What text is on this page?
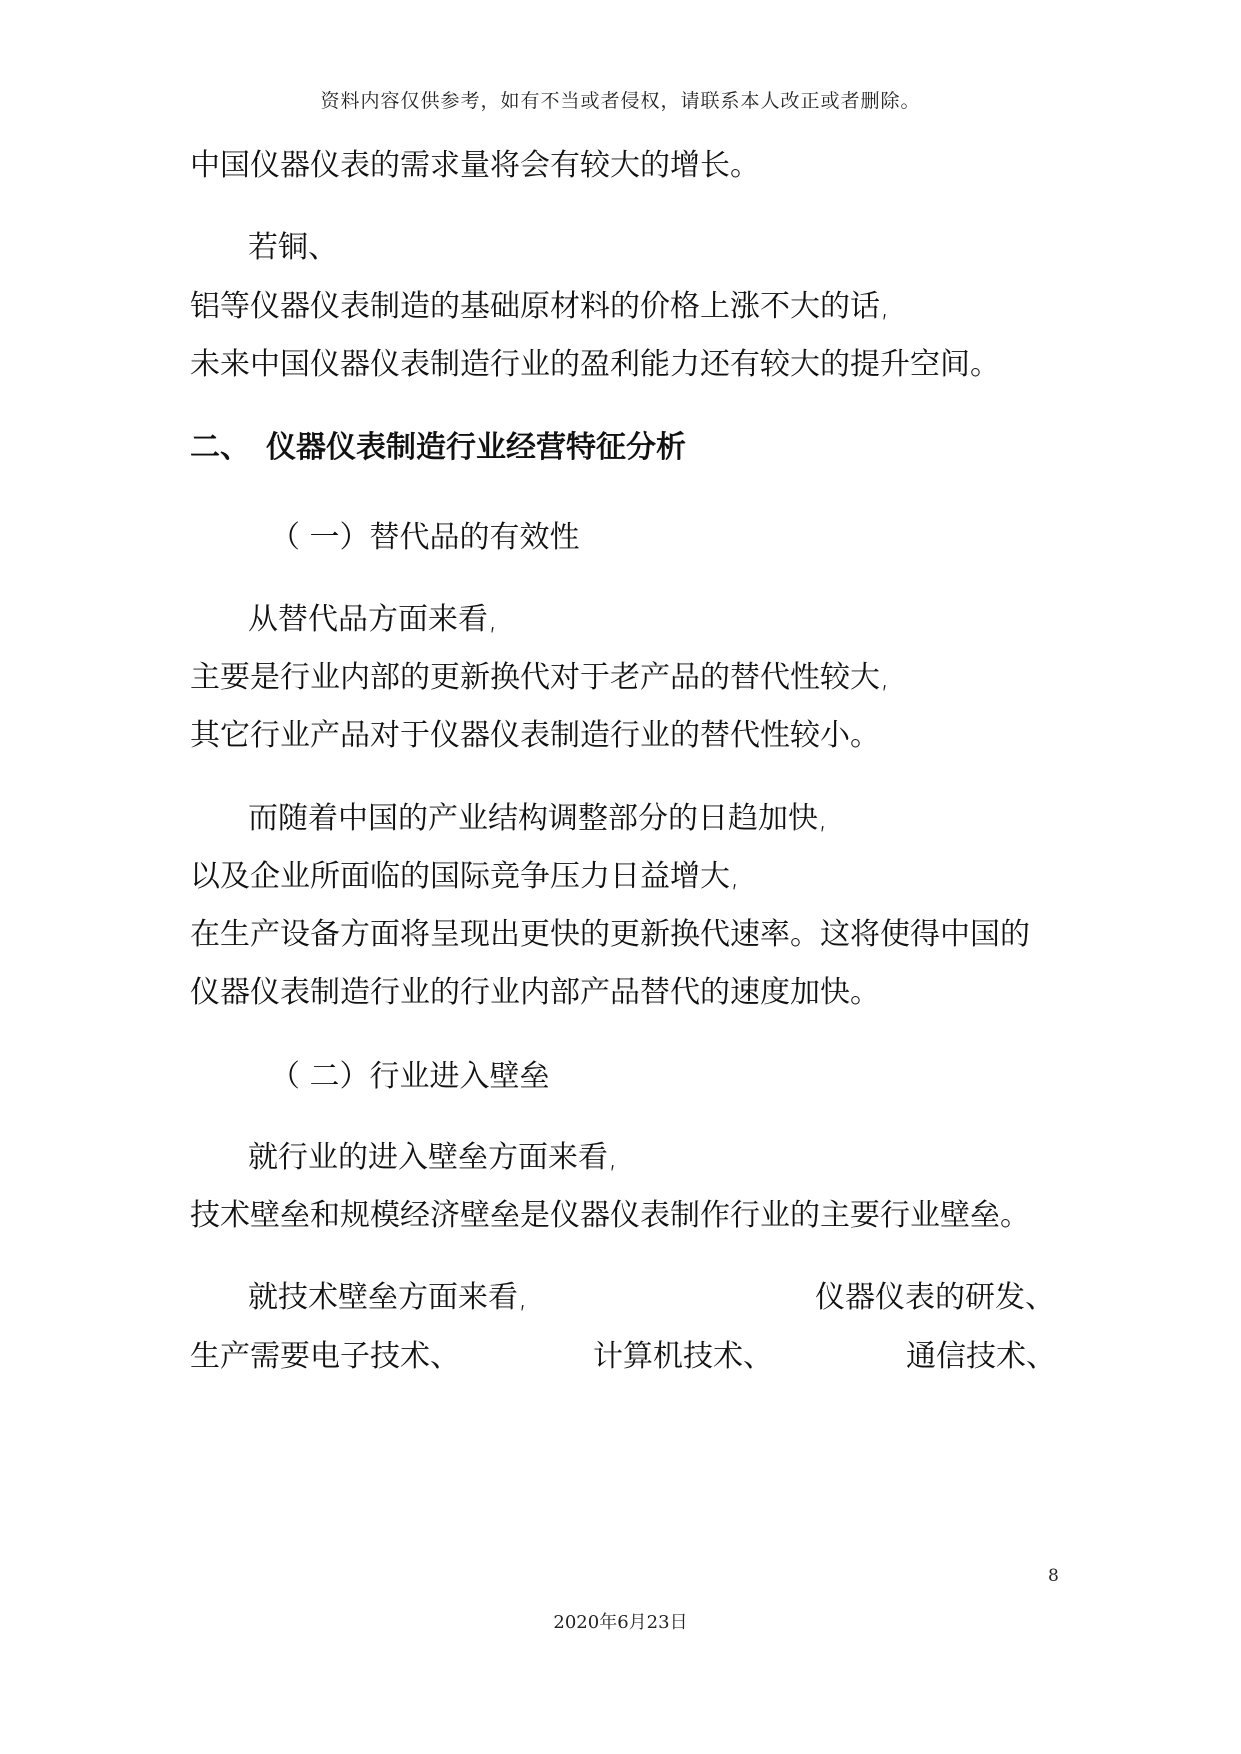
资料内容仅供参考，如有不当或者侵权，请联系本人改正或者删除。
中国仪器仪表的需求量将会有较大的增长。
若铜、
铝等仪器仪表制造的基础原材料的价格上涨不大的话,
未来中国仪器仪表制造行业的盈利能力还有较大的提升空间。
二、 仪器仪表制造行业经营特征分析
（ 一）替代品的有效性
从替代品方面来看,
主要是行业内部的更新换代对于老产品的替代性较大,
其它行业产品对于仪器仪表制造行业的替代性较小。
而随着中国的产业结构调整部分的日趋加快,
以及企业所面临的国际竞争压力日益增大,
在生产设备方面将呈现出更快的更新换代速率。这将使得中国的
仪器仪表制造行业的行业内部产品替代的速度加快。
（ 二）行业进入壁垒
就行业的进入壁垒方面来看,
技术壁垒和规模经济壁垒是仪器仪表制作行业的主要行业壁垒。
就技术壁垒方面来看,	仪器仪表的研发、
生产需要电子技术、	计算机技术、	通信技术、
8
2020年6月23日
